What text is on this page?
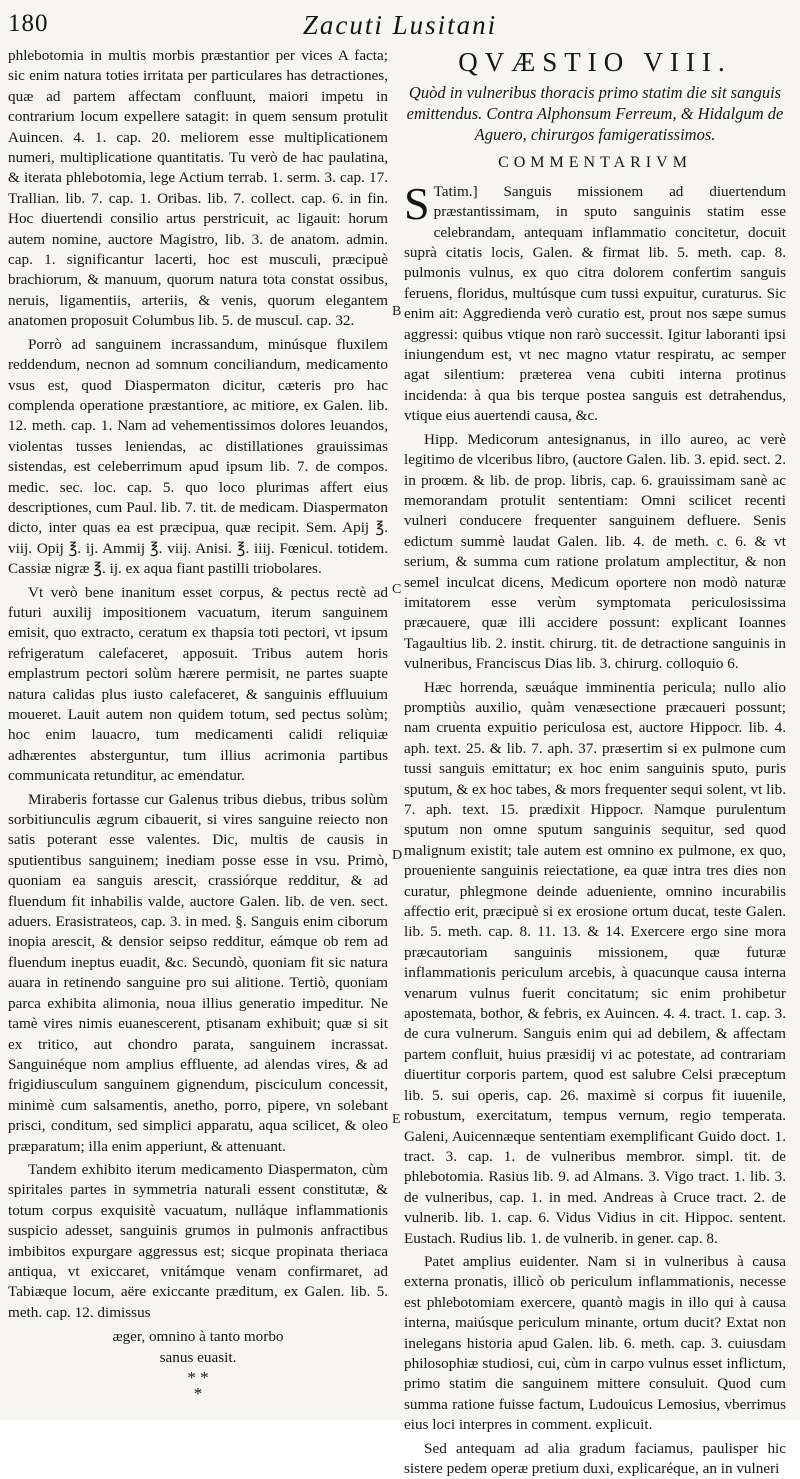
180	Zacuti Lusitani

phlebotomia in multis morbis præstantior per vices A facta; sic enim natura toties irritata per particulares has detractiones, quæ ad partem affectam confluunt, maiori impetu in contrarium locum expellere satagit: in quem sensum protulit Auincen. 4. 1. cap. 20. meliorem esse multiplicationem numeri, multiplicatione quantitatis. Tu verò de hac paulatina, & iterata phlebotomia, lege Actium terrab. 1. serm. 3. cap. 17. Trallian. lib. 7. cap. 1. Oribas. lib. 7. collect. cap. 6. in fin. Hoc diuertendi consilio artus perstricuit, ac ligauit: horum autem nomine, auctore Magistro, lib. 3. de anatom. admin. cap. 1. significantur lacerti, hoc est musculi, præcipuè brachiorum, & manuum, quorum natura tota constat ossibus, neruis, ligamentiis, arteriis, & venis, quorum elegantem anatomen proposuit Columbus lib. 5. de muscul. cap. 32.

Porrò ad sanguinem incrassandum, minúsque fluxilem reddendum, necnon ad somnum conciliandum, medicamento vsus est, quod Diaspermaton dicitur, cæteris pro hac complenda operatione præstantiore, ac mitiore, ex Galen. lib. 12. meth. cap. 1. Nam ad vehementissimos dolores leuandos, violentas tusses leniendas, ac distillationes grauissimas sistendas, est celeberrimum apud ipsum lib. 7. de compos. medic. sec. loc. cap. 5. quo loco plurimas affert eius descriptiones, cum Paul. lib. 7. tit. de medicam. Diaspermaton dicto, inter quas ea est præcipua, quæ recipit. Sem. Apij ℥. viij. Opij ℥. ij. Ammij ℥. viij. Anisi. ℥. iiij. Fœnicul. totidem. Cassiæ nigræ ℥. ij. ex aqua fiant pastilli triobolares.

Vt verò bene inanitum esset corpus, & pectus rectè ad futuri auxilij impositionem vacuatum, iterum sanguinem emisit, quo extracto, ceratum ex thapsia toti pectori, vt ipsum refrigeratum calefaceret, apposuit. Tribus autem horis emplastrum pectori solùm hærere permisit, ne partes suapte natura calidas plus iusto calefaceret, & sanguinis effluuium moueret. Lauit autem non quidem totum, sed pectus solùm; hoc enim lauacro, tum medicamenti calidi reliquiæ adhærentes absterguntur, tum illius acrimonia partibus communicata retunditur, ac emendatur.

Miraberis fortasse cur Galenus tribus diebus, tribus solùm sorbitiunculis ægrum cibauerit, si vires sanguine reiecto non satis poterant esse valentes. Dic, multis de causis in sputientibus sanguinem; inediam posse esse in vsu. Primò, quoniam ea sanguis arescit, crassiórque redditur, & ad fluendum fit inhabilis valde, auctore Galen. lib. de ven. sect. aduers. Erasistrateos, cap. 3. in med. §. Sanguis enim ciborum inopia arescit, & densior seipso redditur, eámque ob rem ad fluendum ineptus euadit, &c. Secundò, quoniam fit sic natura auara in retinendo sanguine pro sui alitione. Tertiò, quoniam parca exhibita alimonia, noua illius generatio impeditur. Ne tamè vires nimis euanescerent, ptisanam exhibuit; quæ si sit ex tritico, aut chondro parata, sanguinem incrassat. Sanguinéque nom amplius effluente, ad alendas vires, & ad frigidiusculum sanguinem gignendum, pisciculum concessit, minimè cum salsamentis, anetho, porro, pipere, vn solebant prisci, conditum, sed simplici apparatu, aqua scilicet, & oleo præparatum; illa enim apperiunt, & attenuant.

Tandem exhibito iterum medicamento Diaspermaton, cùm spiritales partes in symmetria naturali essent constitutæ, & totum corpus exquisitè vacuatum, nulláque inflammationis suspicio adesset, sanguinis grumos in pulmonis anfractibus imbibitos expurgare aggressus est; sicque propinata theriaca antiqua, vt exiccaret, vnitámque venam confirmaret, ad Tabiæque locum, aëre exiccante præditum, ex Galen. lib. 5. meth. cap. 12. dimissus

æger, omnino à tanto morbo
sanus euasit.
* *
*
B
C
D
E
QVÆSTIO VIII.

Quòd in vulneribus thoracis primo statim die sit sanguis emittendus. Contra Alphonsum Ferreum, & Hidalgum de Aguero, chirurgos famigeratissimos.

COMMENTARIVM

S Tatim.] Sanguis missionem ad diuertendum præstantissimam, in sputo sanguinis statim esse celebrandam, antequam inflammatio concitetur, docuit suprà citatis locis, Galen. & firmat lib. 5. meth. cap. 8. pulmonis vulnus, ex quo citra dolorem confertim sanguis feruens, floridus, multúsque cum tussi expuitur, curaturus. Sic enim ait: Aggredienda verò curatio est, prout nos sæpe sumus aggressi: quibus vtique non rarò successit. Igitur laboranti ipsi iniungendum est, vt nec magno vtatur respiratu, ac semper agat silentium: præterea vena cubiti interna protinus incidenda: à qua bis terque postea sanguis est detrahendus, vtique eius auertendi causa, &c.

Hipp. Medicorum antesignanus, in illo aureo, ac verè legitimo de vlceribus libro, (auctore Galen. lib. 3. epid. sect. 2. in proœm. & lib. de prop. libris, cap. 6. grauissimam sanè ac memorandam protulit sententiam: Omni scilicet recenti vulneri conducere frequenter sanguinem defluere. Senis edictum summè laudat Galen. lib. 4. de meth. c. 6. & vt serium, & summa cum ratione prolatum amplectitur, & non semel inculcat dicens, Medicum oportere non modò naturæ imitatorem esse verùm symptomata periculosissima præcauere, quæ illi accidere possunt: explicant Ioannes Tagaultius lib. 2. instit. chirurg. tit. de detractione sanguinis in vulneribus, Franciscus Dias lib. 3. chirurg. colloquio 6.

Hæc horrenda, sæuáque imminentia pericula; nullo alio promptiùs auxilio, quàm venæsectione præcaueri possunt; nam cruenta expuitio periculosa est, auctore Hippocr. lib. 4. aph. text. 25. & lib. 7. aph. 37. præsertim si ex pulmone cum tussi sanguis emittatur; ex hoc enim sanguinis sputo, puris sputum, & ex hoc tabes, & mors frequenter sequi solent, vt lib. 7. aph. text. 15. prædixit Hippocr. Namque purulentum sputum non omne sputum sanguinis sequitur, sed quod malignum existit; tale autem est omnino ex pulmone, ex quo, proueniente sanguinis reiectatione, ea quæ intra tres dies non curatur, phlegmone deinde adueniente, omnino incurabilis affectio erit, præcipuè si ex erosione ortum ducat, teste Galen. lib. 5. meth. cap. 8. 11. 13. & 14. Exercere ergo sine mora præcautoriam sanguinis missionem, quæ futuræ inflammationis periculum arcebis, à quacunque causa interna venarum vulnus fuerit concitatum; sic enim prohibetur apostemata, bothor, & febris, ex Auincen. 4. 4. tract. 1. cap. 3. de cura vulnerum. Sanguis enim qui ad debilem, & affectam partem confluit, huius præsidij vi ac potestate, ad contrariam diuertitur corporis partem, quod est salubre Celsi præceptum lib. 5. sui operis, cap. 26. maximè si corpus fit iuuenile, robustum, exercitatum, tempus vernum, regio temperata. Galeni, Auicennæque sententiam exemplificant Guido doct. 1. tract. 3. cap. 1. de vulneribus membror. simpl. tit. de phlebotomia. Rasius lib. 9. ad Almans. 3. Vigo tract. 1. lib. 3. de vulneribus, cap. 1. in med. Andreas à Cruce tract. 2. de vulnerib. lib. 1. cap. 6. Vidus Vidius in cit. Hippoc. sentent. Eustach. Rudius lib. 1. de vulnerib. in gener. cap. 8.

Patet amplius euidenter. Nam si in vulneribus à causa externa pronatis, illicò ob periculum inflammationis, necesse est phlebotomiam exercere, quantò magis in illo qui à causa interna, maiúsque periculum minante, ortum ducit? Extat non inelegans historia apud Galen. lib. 6. meth. cap. 3. cuiusdam philosophiæ studiosi, cui, cùm in carpo vulnus esset inflictum, primo statim die sanguinem mittere consuluit. Quod cum summa ratione fuisse factum, Ludouicus Lemosius, vberrimus eius loci interpres in comment. explicuit.

Sed antequam ad alia gradum faciamus, paulisper hic sistere pedem operæ pretium duxi, explicaréque, an in vulneri
